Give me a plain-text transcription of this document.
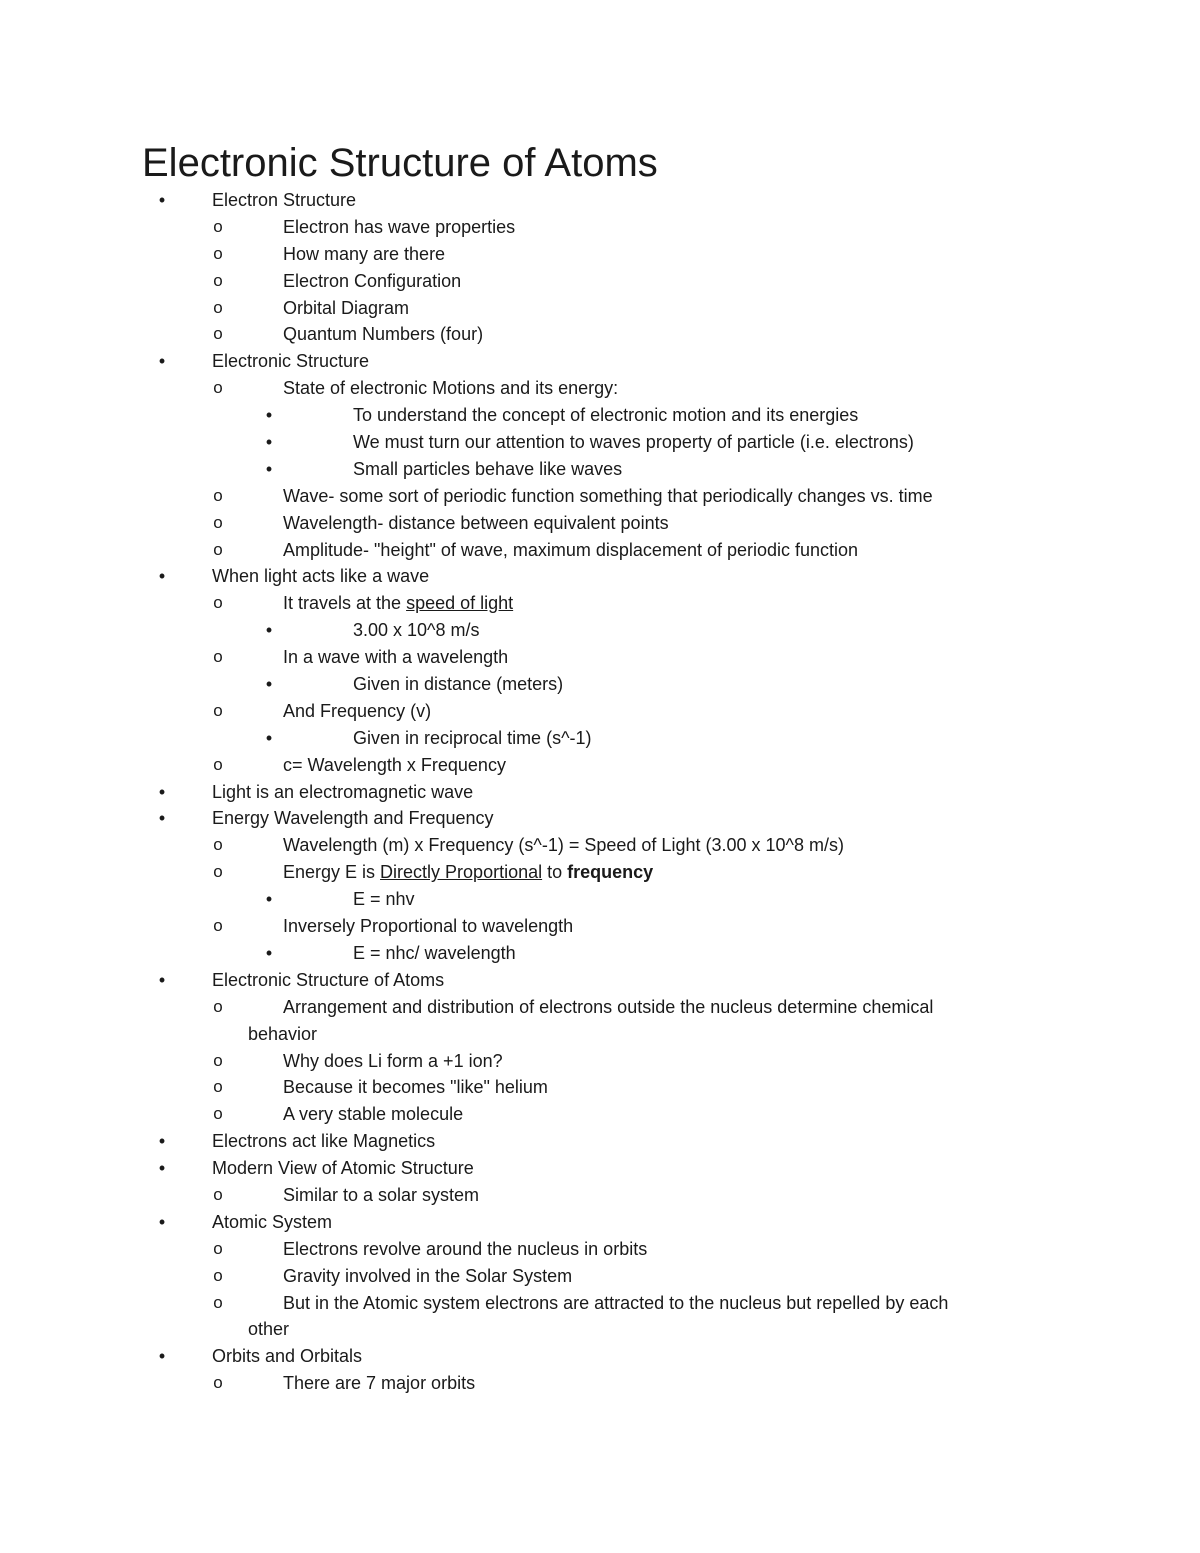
Electronic Structure of Atoms
•	Electron Structure
o	Electron has wave properties
o	How many are there
o	Electron Configuration
o	Orbital Diagram
o	Quantum Numbers (four)
•	Electronic Structure
o	State of electronic Motions and its energy:
•	To understand the concept of electronic motion and its energies
•	We must turn our attention to waves property of particle (i.e. electrons)
•	Small particles behave like waves
o	Wave- some sort of periodic function something that periodically changes vs. time
o	Wavelength- distance between equivalent points
o	Amplitude- "height" of wave, maximum displacement of periodic function
•	When light acts like a wave
o	It travels at the speed of light
•	3.00 x 10^8 m/s
o	In a wave with a wavelength
•	Given in distance (meters)
o	And Frequency (v)
•	Given in reciprocal time (s^-1)
o	c= Wavelength x Frequency
•	Light is an electromagnetic wave
•	Energy Wavelength and Frequency
o	Wavelength (m) x Frequency (s^-1) = Speed of Light (3.00 x 10^8 m/s)
o	Energy E is Directly Proportional to frequency
•	E = nhv
o	Inversely Proportional to wavelength
•	E = nhc/ wavelength
•	Electronic Structure of Atoms
o	Arrangement and distribution of electrons outside the nucleus determine chemical
behavior
o	Why does Li form a +1 ion?
o	Because it becomes "like" helium
o	A very stable molecule
•	Electrons act like Magnetics
•	Modern View of Atomic Structure
o	Similar to a solar system
•	Atomic System
o	Electrons revolve around the nucleus in orbits
o	Gravity involved in the Solar System
o	But in the Atomic system electrons are attracted to the nucleus but repelled by each
other
•	Orbits and Orbitals
o	There are 7 major orbits
